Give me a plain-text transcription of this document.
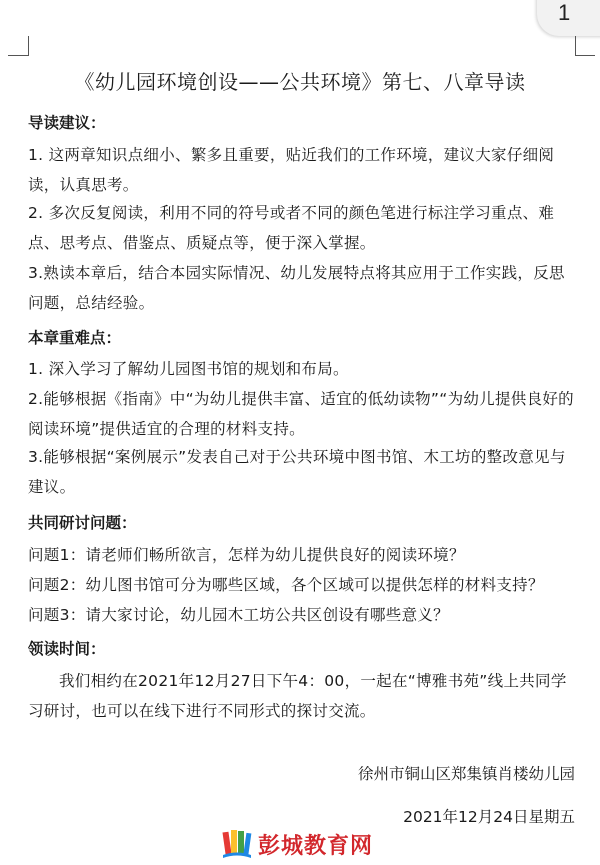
1
《幼儿园环境创设——公共环境》第七、八章导读

导读建议：

1. 这两章知识点细小、繁多且重要，贴近我们的工作环境，建议大家仔细阅读，认真思考。

2. 多次反复阅读，利用不同的符号或者不同的颜色笔进行标注学习重点、难点、思考点、借鉴点、质疑点等，便于深入掌握。

3.熟读本章后，结合本园实际情况、幼儿发展特点将其应用于工作实践，反思问题，总结经验。

本章重难点：

1. 深入学习了解幼儿园图书馆的规划和布局。

2.能够根据《指南》中“为幼儿提供丰富、适宜的低幼读物”“为幼儿提供良好的阅读环境”提供适宜的合理的材料支持。

3.能够根据“案例展示”发表自己对于公共环境中图书馆、木工坊的整改意见与建议。

共同研讨问题：

问题1：请老师们畅所欲言，怎样为幼儿提供良好的阅读环境？

问题2：幼儿图书馆可分为哪些区域，各个区域可以提供怎样的材料支持？

问题3：请大家讨论，幼儿园木工坊公共区创设有哪些意义？

领读时间：

我们相约在2021年12月27日下午4：00，一起在“博雅书苑”线上共同学习研讨，也可以在线下进行不同形式的探讨交流。

徐州市铜山区郑集镇肖楼幼儿园

2021年12月24日星期五

彭城教育网
